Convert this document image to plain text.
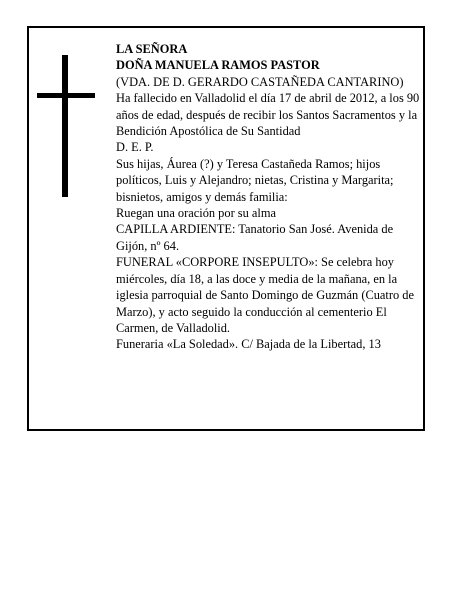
LA SEÑORA

DOÑA MANUELA RAMOS PASTOR

(VDA. DE D. GERARDO CASTAÑEDA CANTARINO)

Ha fallecido en Valladolid el día 17 de abril de 2012, a los 90 años de edad, después de recibir los Santos Sacramentos y la Bendición Apostólica de Su Santidad

D. E. P.

Sus hijas, Áurea (?) y Teresa Castañeda Ramos; hijos políticos, Luis y Alejandro; nietas, Cristina y Margarita; bisnietos, amigos y demás familia:

Ruegan una oración por su alma

CAPILLA ARDIENTE: Tanatorio San José. Avenida de Gijón, nº 64.

FUNERAL «CORPORE INSEPULTO»: Se celebra hoy miércoles, día 18, a las doce y media de la mañana, en la iglesia parroquial de Santo Domingo de Guzmán (Cuatro de Marzo), y acto seguido la conducción al cementerio El Carmen, de Valladolid.

Funeraria «La Soledad». C/ Bajada de la Libertad, 13
